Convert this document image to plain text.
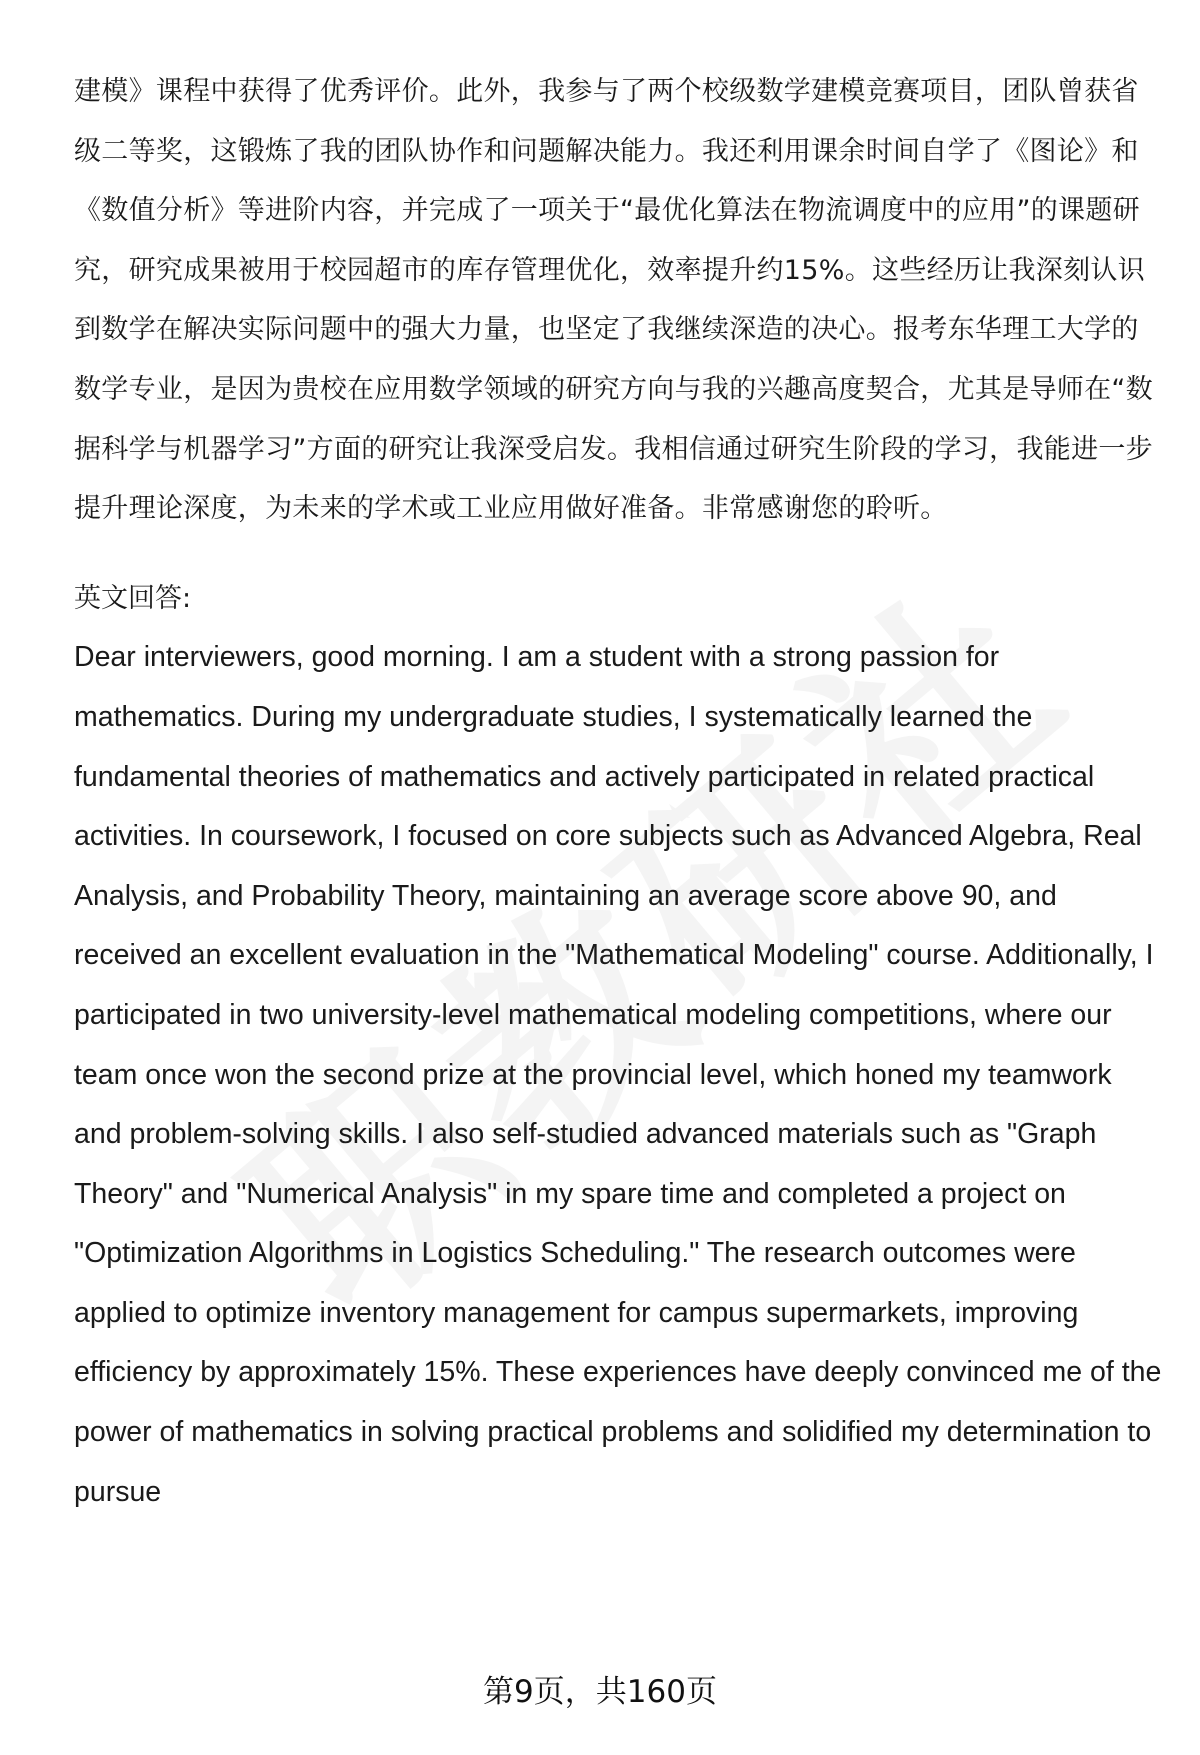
建模》课程中获得了优秀评价。此外，我参与了两个校级数学建模竞赛项目，团队曾获省级二等奖，这锻炼了我的团队协作和问题解决能力。我还利用课余时间自学了《图论》和《数值分析》等进阶内容，并完成了一项关于“最优化算法在物流调度中的应用”的课题研究，研究成果被用于校园超市的库存管理优化，效率提升约15%。这些经历让我深刻认识到数学在解决实际问题中的强大力量，也坚定了我继续深造的决心。报考东华理工大学的数学专业，是因为贵校在应用数学领域的研究方向与我的兴趣高度契合，尤其是导师在“数据科学与机器学习”方面的研究让我深受启发。我相信通过研究生阶段的学习，我能进一步提升理论深度，为未来的学术或工业应用做好准备。非常感谢您的聆听。

英文回答:

Dear interviewers, good morning. I am a student with a strong passion for mathematics. During my undergraduate studies, I systematically learned the fundamental theories of mathematics and actively participated in related practical activities. In coursework, I focused on core subjects such as Advanced Algebra, Real Analysis, and Probability Theory, maintaining an average score above 90, and received an excellent evaluation in the "Mathematical Modeling" course. Additionally, I participated in two university-level mathematical modeling competitions, where our team once won the second prize at the provincial level, which honed my teamwork and problem-solving skills. I also self-studied advanced materials such as "Graph Theory" and "Numerical Analysis" in my spare time and completed a project on "Optimization Algorithms in Logistics Scheduling." The research outcomes were applied to optimize inventory management for campus supermarkets, improving efficiency by approximately 15%. These experiences have deeply convinced me of the power of mathematics in solving practical problems and solidified my determination to pursue

第9页，共160页
